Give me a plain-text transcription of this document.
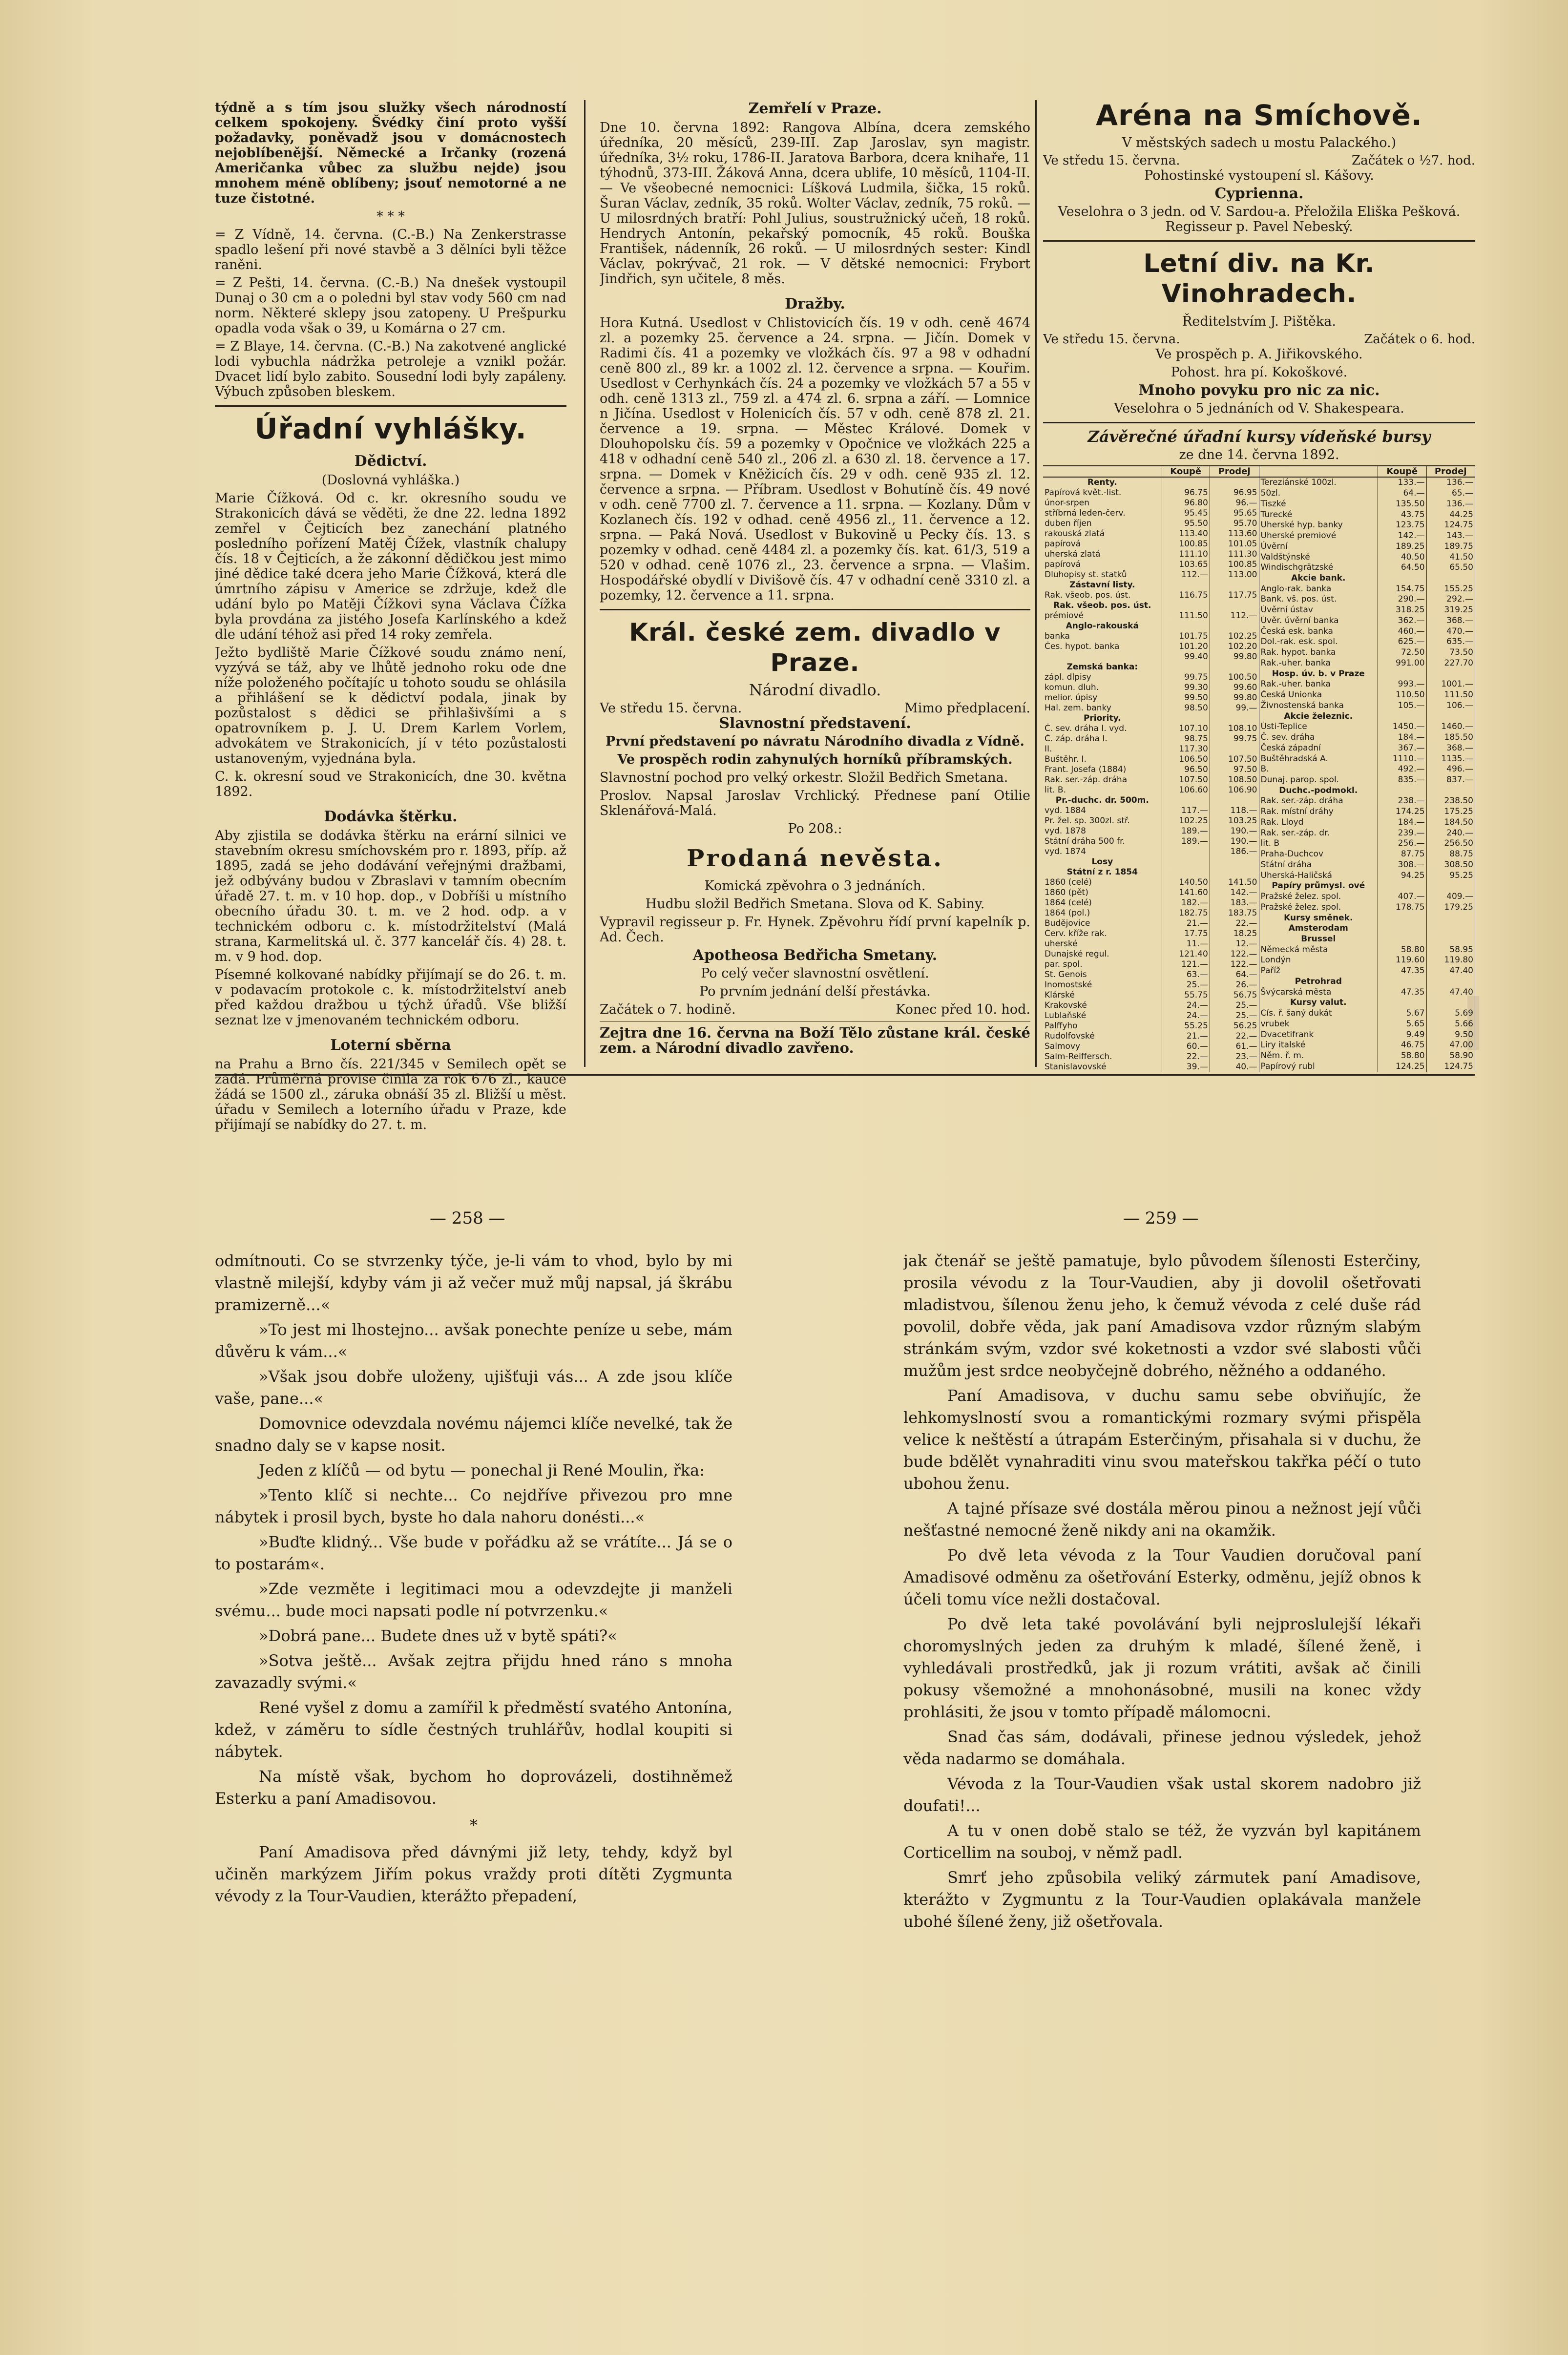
týdně a s tím jsou služky všech národností celkem spokojeny. Švédky činí proto vyšší požadavky, poněvadž jsou v domácnostech nejoblíbenější. Německé a Irčanky (rozená Američanka vůbec za službu nejde) jsou mnohem méně oblíbeny; jsouť nemotorné a ne tuze čistotné.

* * *

= Z Vídně, 14. června. (C.-B.) Na Zenkerstrasse spadlo lešení při nové stavbě a 3 dělníci byli těžce raněni.

= Z Pešti, 14. června. (C.-B.) Na dnešek vystoupil Dunaj o 30 cm a o poledni byl stav vody 560 cm nad norm. Některé sklepy jsou zatopeny. U Prešpurku opadla voda však o 39, u Komárna o 27 cm.

= Z Blaye, 14. června. (C.-B.) Na zakotvené anglické lodi vybuchla nádržka petroleje a vznikl požár. Dvacet lidí bylo zabito. Sousední lodi byly zapáleny. Výbuch způsoben bleskem.

Úřadní vyhlášky.
Dědictví.

(Doslovná vyhláška.)

Marie Čížková. Od c. kr. okresního soudu ve Strakonicích dává se věděti, že dne 22. ledna 1892 zemřel v Čejticích bez zanechání platného posledního pořízení Matěj Čížek, vlastník chalupy čís. 18 v Čejticích, a že zákonní dědičkou jest mimo jiné dědice také dcera jeho Marie Čížková, která dle úmrtního zápisu v Americe se zdržuje, kdež dle udání bylo po Matěji Čížkovi syna Václava Čížka byla provdána za jistého Josefa Karlínského a kdež dle udání téhož asi před 14 roky zemřela.

Ježto bydliště Marie Čížkové soudu známo není, vyzývá se táž, aby ve lhůtě jednoho roku ode dne níže položeného počítajíc u tohoto soudu se ohlásila a přihlášení se k dědictví podala, jinak by pozůstalost s dědici se přihlašivšími a s opatrovníkem p. J. U. Drem Karlem Vorlem, advokátem ve Strakonicích, jí v této pozůstalosti ustanoveným, vyjednána byla.

C. k. okresní soud ve Strakonicích, dne 30. května 1892.

Dodávka štěrku.

Aby zjistila se dodávka štěrku na erární silnici ve stavebním okresu smíchovském pro r. 1893, příp. až 1895, zadá se jeho dodávání veřejnými dražbami, jež odbývány budou v Zbraslavi v tamním obecním úřadě 27. t. m. v 10 hop. dop., v Dobříši u místního obecního úřadu 30. t. m. ve 2 hod. odp. a v technickém odboru c. k. místodržitelství (Malá strana, Karmelitská ul. č. 377 kancelář čís. 4) 28. t. m. v 9 hod. dop.

Písemné kolkované nabídky přijímají se do 26. t. m. v podavacím protokole c. k. místodržitelství aneb před každou dražbou u týchž úřadů. Vše bližší seznat lze v jmenovaném technickém odboru.

Loterní sběrna

na Prahu a Brno čís. 221/345 v Semilech opět se zadá. Průměrná provise činila za rok 676 zl., kauce žádá se 1500 zl., záruka obnáší 35 zl. Bližší u měst. úřadu v Semilech a loterního úřadu v Praze, kde přijímají se nabídky do 27. t. m.

Zemřelí v Praze.

Dne 10. června 1892: Rangova Albína, dcera zemského úředníka, 20 měsíců, 239-III. Zap Jaroslav, syn magistr. úředníka, 3½ roku, 1786-II. Jaratova Barbora, dcera knihaře, 11 týhodnů, 373-III. Žáková Anna, dcera ublife, 10 měsíců, 1104-II. — Ve všeobecné nemocnici: Líšková Ludmila, šička, 15 roků. Šuran Václav, zedník, 35 roků. Wolter Václav, zedník, 75 roků. — U milosrdných bratří: Pohl Julius, soustružnický učeň, 18 roků. Hendrych Antonín, pekařský pomocník, 45 roků. Bouška František, nádenník, 26 roků. — U milosrdných sester: Kindl Václav, pokrývač, 21 rok. — V dětské nemocnici: Frybort Jindřich, syn učitele, 8 měs.

Dražby.

Hora Kutná. Usedlost v Chlistovicích čís. 19 v odh. ceně 4674 zl. a pozemky 25. července a 24. srpna. — Jičín. Domek v Radimi čís. 41 a pozemky ve vložkách čís. 97 a 98 v odhadní ceně 800 zl., 89 kr. a 1002 zl. 12. července a srpna. — Kouřim. Usedlost v Cerhynkách čís. 24 a pozemky ve vložkách 57 a 55 v odh. ceně 1313 zl., 759 zl. a 474 zl. 6. srpna a září. — Lomnice n Jičína. Usedlost v Holenicích čís. 57 v odh. ceně 878 zl. 21. července a 19. srpna. — Městec Králové. Domek v Dlouhopolsku čís. 59 a pozemky v Opočnice ve vložkách 225 a 418 v odhadní ceně 540 zl., 206 zl. a 630 zl. 18. července a 17. srpna. — Domek v Kněžicích čís. 29 v odh. ceně 935 zl. 12. července a srpna. — Příbram. Usedlost v Bohutíně čís. 49 nové v odh. ceně 7700 zl. 7. července a 11. srpna. — Kozlany. Dům v Kozlanech čís. 192 v odhad. ceně 4956 zl., 11. července a 12. srpna. — Paká Nová. Usedlost v Bukovině u Pecky čís. 13. s pozemky v odhad. ceně 4484 zl. a pozemky čís. kat. 61/3, 519 a 520 v odhad. ceně 1076 zl., 23. července a srpna. — Vlašim. Hospodářské obydlí v Divišově čís. 47 v odhadní ceně 3310 zl. a pozemky, 12. července a 11. srpna.

Král. české zem. divadlo v Praze.

Národní divadlo.

Ve středu 15. června.	Mimo předplacení.

Slavnostní představení.

První představení po návratu Národního divadla z Vídně.

Ve prospěch rodin zahynulých horníků příbramských.

Slavnostní pochod pro velký orkestr. Složil Bedřich Smetana.

Proslov. Napsal Jaroslav Vrchlický. Přednese paní Otilie Sklenářová-Malá.

Po 208.:

Prodaná nevěsta.

Komická zpěvohra o 3 jednáních.

Hudbu složil Bedřich Smetana. Slova od K. Sabiny.

Vypravil regisseur p. Fr. Hynek. Zpěvohru řídí první kapelník p. Ad. Čech.

Apotheosa Bedřicha Smetany.

Po celý večer slavnostní osvětlení.

Po prvním jednání delší přestávka.

Začátek o 7. hodině.	Konec před 10. hod.

Zejtra dne 16. června na Boží Tělo zůstane král. české zem. a Národní divadlo zavřeno.

Aréna na Smíchově.

V městských sadech u mostu Palackého.)

Ve středu 15. června.	Začátek o ½7. hod.

Pohostinské vystoupení sl. Kášovy.

Cyprienna.

Veselohra o 3 jedn. od V. Sardou-a. Přeložila Eliška Pešková. Regisseur p. Pavel Nebeský.

Letní div. na Kr. Vinohradech.

Ředitelstvím J. Pištěka.

Ve středu 15. června.	Začátek o 6. hod.

Ve prospěch p. A. Jiřikovského.

Pohost. hra pí. Kokoškové.

Mnoho povyku pro nic za nic.

Veselohra o 5 jednáních od V. Shakespeara.

Závěrečné úřadní kursy vídeňské bursy

ze dne 14. června 1892.

	Koupě	Prodej
Renty.		
Papírová květ.-list.	96.75	96.95
únor-srpen	96.80	96.—
stříbrná leden-červ.	95.45	95.65
duben říjen	95.50	95.70
rakouská zlatá	113.40	113.60
papírová	100.85	101.05
uherská zlatá	111.10	111.30
papírová	103.65	100.85
Dluhopisy st. statků	112.—	113.00
Zástavní listy.		
Rak. všeob. pos. úst.	116.75	117.75
Rak. všeob. pos. úst.		
prémiové	111.50	112.—
Anglo-rakouská		
banka	101.75	102.25
Čes. hypot. banka	101.20	102.20
	99.40	99.80
Zemská banka:		
zápl. dlpisy	99.75	100.50
komun. dluh.	99.30	99.60
melior. úpisy	99.50	99.80
Hal. zem. banky	98.50	99.—
Priority.		
Č. sev. dráha I. vyd.	107.10	108.10
Č. záp. dráha I.	98.75	99.75
II.	117.30	
Buštěhr. I.	106.50	107.50
Frant. Josefa (1884)	96.50	97.50
Rak. ser.-záp. dráha	107.50	108.50
lit. B.	106.60	106.90
Pr.-duchc. dr. 500m.		
vyd. 1884	117.—	118.—
Pr. žel. sp. 300zl. stř.	102.25	103.25
vyd. 1878	189.—	190.—
Státní dráha 500 fr.	189.—	190.—
vyd. 1874		186.—
Losy		
Státní z r. 1854		
1860 (celé)	140.50	141.50
1860 (pět)	141.60	142.—
1864 (celé)	182.—	183.—
1864 (pol.)	182.75	183.75
Budějovice	21.—	22.—
Červ. kříže rak.	17.75	18.25
uherské	11.—	12.—
Dunajské regul.	121.40	122.—
par. spol.	121.—	122.—
St. Genois	63.—	64.—
Inomostské	25.—	26.—
Klárské	55.75	56.75
Krakovské	24.—	25.—
Lublaňské	24.—	25.—
Palffyho	55.25	56.25
Rudolfovské	21.—	22.—
Salmovy	60.—	61.—
Salm-Reiffersch.	22.—	23.—
Stanislavovské	39.—	40.—
	Koupě	Prodej
Tereziánské 100zl.	133.—	136.—
50zl.	64.—	65.—
Tiszké	135.50	136.—
Turecké	43.75	44.25
Uherské hyp. banky	123.75	124.75
Uherské premiové	142.—	143.—
Úvěrní	189.25	189.75
Valdštýnské	40.50	41.50
Windischgrätzské	64.50	65.50
Akcie bank.		
Anglo-rak. banka	154.75	155.25
Bank. vš. pos. úst.	290.—	292.—
Úvěrní ústav	318.25	319.25
Úvěr. úvěrní banka	362.—	368.—
Česká esk. banka	460.—	470.—
Dol.-rak. esk. spol.	625.—	635.—
Rak. hypot. banka	72.50	73.50
Rak.-uher. banka	991.00	227.70
Hosp. úv. b. v Praze		
Rak.-uher. banka	993.—	1001.—
Česká Unionka	110.50	111.50
Živnostenská banka	105.—	106.—
Akcie železnic.		
Ústi-Teplice	1450.—	1460.—
Č. sev. dráha	184.—	185.50
Česká západní	367.—	368.—
Buštěhradská A.	1110.—	1135.—
B.	492.—	496.—
Dunaj. parop. spol.	835.—	837.—
Duchc.-podmokl.		
Rak. ser.-záp. dráha	238.—	238.50
Rak. místní dráhy	174.25	175.25
Rak. Lloyd	184.—	184.50
Rak. ser.-záp. dr.	239.—	240.—
lit. B	256.—	256.50
Praha-Duchcov	87.75	88.75
Státní dráha	308.—	308.50
Uherská-Haličská	94.25	95.25
Papíry průmysl. ové		
Pražské želez. spol.	407.—	409.—
Pražské želez. spol.	178.75	179.25
Kursy směnek.		
Amsterodam		
Brussel		
Německá města	58.80	58.95
Londýn	119.60	119.80
Paříž	47.35	47.40
Petrohrad		
Švýcarská města	47.35	47.40
Kursy valut.		
Cís. ř. šaný dukát	5.67	5.69
vrubek	5.65	5.66
Dvacetifrank	9.49	9.50
Liry italské	46.75	47.00
Něm. ř. m.	58.80	58.90
Papírový rubl	124.25	124.75
— 258 —	— 259 —

odmítnouti. Co se stvrzenky týče, je-li vám to vhod, bylo by mi vlastně milejší, kdyby vám ji až večer muž můj napsal, já škrábu pramizerně...«

»To jest mi lhostejno... avšak ponechte peníze u sebe, mám důvěru k vám...«

»Však jsou dobře uloženy, ujišťuji vás... A zde jsou klíče vaše, pane...«

Domovnice odevzdala novému nájemci klíče nevelké, tak že snadno daly se v kapse nosit.

Jeden z klíčů — od bytu — ponechal ji René Moulin, řka:

»Tento klíč si nechte... Co nejdříve přivezou pro mne nábytek i prosil bych, byste ho dala nahoru donésti...«

»Buďte klidný... Vše bude v pořádku až se vrátíte... Já se o to postarám«.

»Zde vezměte i legitimaci mou a odevzdejte ji manželi svému... bude moci napsati podle ní potvrzenku.«

»Dobrá pane... Budete dnes už v bytě spáti?«

»Sotva ještě... Avšak zejtra přijdu hned ráno s mnoha zavazadly svými.«

René vyšel z domu a zamířil k předměstí svatého Antonína, kdež, v záměru to sídle čestných truhlářův, hodlal koupiti si nábytek.

Na místě však, bychom ho doprovázeli, dostihněmež Esterku a paní Amadisovou.

*

Paní Amadisova před dávnými již lety, tehdy, když byl učiněn markýzem Jiřím pokus vraždy proti dítěti Zygmunta vévody z la Tour-Vaudien, kterážto přepadení,

jak čtenář se ještě pamatuje, bylo původem šílenosti Esterčiny, prosila vévodu z la Tour-Vaudien, aby ji dovolil ošetřovati mladistvou, šílenou ženu jeho, k čemuž vévoda z celé duše rád povolil, dobře věda, jak paní Amadisova vzdor různým slabým stránkám svým, vzdor své koketnosti a vzdor své slabosti vůči mužům jest srdce neobyčejně dobrého, něžného a oddaného.

Paní Amadisova, v duchu samu sebe obviňujíc, že lehkomyslností svou a romantickými rozmary svými přispěla velice k neštěstí a útrapám Esterčiným, přisahala si v duchu, že bude bdělět vynahraditi vinu svou mateřskou takřka péčí o tuto ubohou ženu.

A tajné přísaze své dostála měrou pinou a nežnost její vůči nešťastné nemocné ženě nikdy ani na okamžik.

Po dvě leta vévoda z la Tour Vaudien doručoval paní Amadisové odměnu za ošetřování Esterky, odměnu, jejíž obnos k účeli tomu více nežli dostačoval.

Po dvě leta také povolávání byli nejproslulejší lékaři choromyslných jeden za druhým k mladé, šílené ženě, i vyhledávali prostředků, jak ji rozum vrátiti, avšak ač činili pokusy všemožné a mnohonásobné, musili na konec vždy prohlásiti, že jsou v tomto případě málomocni.

Snad čas sám, dodávali, přinese jednou výsledek, jehož věda nadarmo se domáhala.

Vévoda z la Tour-Vaudien však ustal skorem nadobro již doufati!...

A tu v onen době stalo se též, že vyzván byl kapitánem Corticellim na souboj, v němž padl.

Smrť jeho způsobila veliký zármutek paní Amadisove, kterážto v Zygmuntu z la Tour-Vaudien oplakávala manžele ubohé šílené ženy, již ošetřovala.
